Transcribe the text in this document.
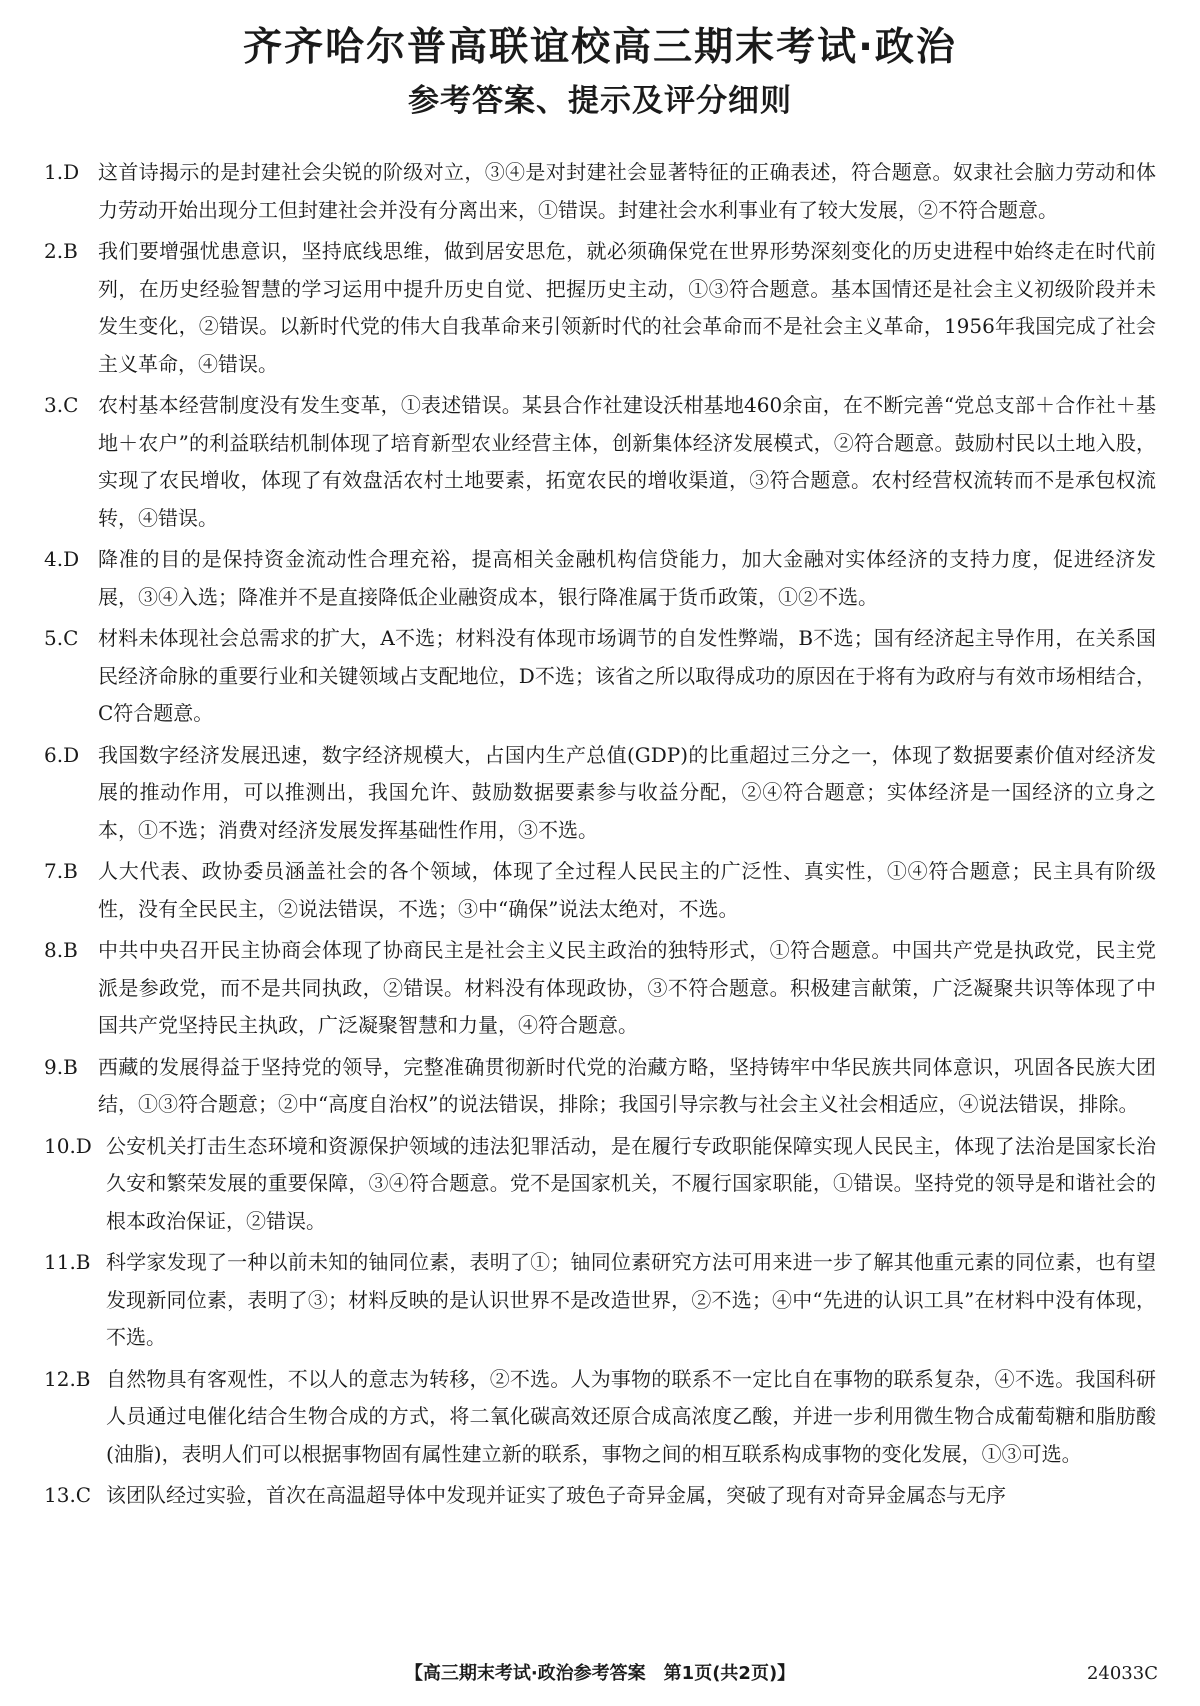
齐齐哈尔普高联谊校高三期末考试·政治
参考答案、提示及评分细则
1.D 这首诗揭示的是封建社会尖锐的阶级对立，③④是对封建社会显著特征的正确表述，符合题意。奴隶社会脑力劳动和体力劳动开始出现分工但封建社会并没有分离出来，①错误。封建社会水利事业有了较大发展，②不符合题意。
2.B 我们要增强忧患意识，坚持底线思维，做到居安思危，就必须确保党在世界形势深刻变化的历史进程中始终走在时代前列，在历史经验智慧的学习运用中提升历史自觉、把握历史主动，①③符合题意。基本国情还是社会主义初级阶段并未发生变化，②错误。以新时代党的伟大自我革命来引领新时代的社会革命而不是社会主义革命，1956年我国完成了社会主义革命，④错误。
3.C 农村基本经营制度没有发生变革，①表述错误。某县合作社建设沃柑基地460余亩，在不断完善“党总支部＋合作社＋基地＋农户”的利益联结机制体现了培育新型农业经营主体，创新集体经济发展模式，②符合题意。鼓励村民以土地入股，实现了农民增收，体现了有效盘活农村土地要素，拓宽农民的增收渠道，③符合题意。农村经营权流转而不是承包权流转，④错误。
4.D 降准的目的是保持资金流动性合理充裕，提高相关金融机构信贷能力，加大金融对实体经济的支持力度，促进经济发展，③④入选；降准并不是直接降低企业融资成本，银行降准属于货币政策，①②不选。
5.C 材料未体现社会总需求的扩大，A不选；材料没有体现市场调节的自发性弊端，B不选；国有经济起主导作用，在关系国民经济命脉的重要行业和关键领域占支配地位，D不选；该省之所以取得成功的原因在于将有为政府与有效市场相结合，C符合题意。
6.D 我国数字经济发展迅速，数字经济规模大，占国内生产总值(GDP)的比重超过三分之一，体现了数据要素价值对经济发展的推动作用，可以推测出，我国允许、鼓励数据要素参与收益分配，②④符合题意；实体经济是一国经济的立身之本，①不选；消费对经济发展发挥基础性作用，③不选。
7.B 人大代表、政协委员涵盖社会的各个领域，体现了全过程人民民主的广泛性、真实性，①④符合题意；民主具有阶级性，没有全民民主，②说法错误，不选；③中“确保”说法太绝对，不选。
8.B 中共中央召开民主协商会体现了协商民主是社会主义民主政治的独特形式，①符合题意。中国共产党是执政党，民主党派是参政党，而不是共同执政，②错误。材料没有体现政协，③不符合题意。积极建言献策，广泛凝聚共识等体现了中国共产党坚持民主执政，广泛凝聚智慧和力量，④符合题意。
9.B 西藏的发展得益于坚持党的领导，完整准确贯彻新时代党的治藏方略，坚持铸牢中华民族共同体意识，巩固各民族大团结，①③符合题意；②中“高度自治权”的说法错误，排除；我国引导宗教与社会主义社会相适应，④说法错误，排除。
10.D 公安机关打击生态环境和资源保护领域的违法犯罪活动，是在履行专政职能保障实现人民民主，体现了法治是国家长治久安和繁荣发展的重要保障，③④符合题意。党不是国家机关，不履行国家职能，①错误。坚持党的领导是和谐社会的根本政治保证，②错误。
11.B 科学家发现了一种以前未知的铀同位素，表明了①；铀同位素研究方法可用来进一步了解其他重元素的同位素，也有望发现新同位素，表明了③；材料反映的是认识世界不是改造世界，②不选；④中“先进的认识工具”在材料中没有体现，不选。
12.B 自然物具有客观性，不以人的意志为转移，②不选。人为事物的联系不一定比自在事物的联系复杂，④不选。我国科研人员通过电催化结合生物合成的方式，将二氧化碳高效还原合成高浓度乙酸，并进一步利用微生物合成葡萄糖和脂肪酸(油脂)，表明人们可以根据事物固有属性建立新的联系，事物之间的相互联系构成事物的变化发展，①③可选。
13.C 该团队经过实验，首次在高温超导体中发现并证实了玻色子奇异金属，突破了现有对奇异金属态与无序
【高三期末考试·政治参考答案　第1页(共2页)】	24033C
